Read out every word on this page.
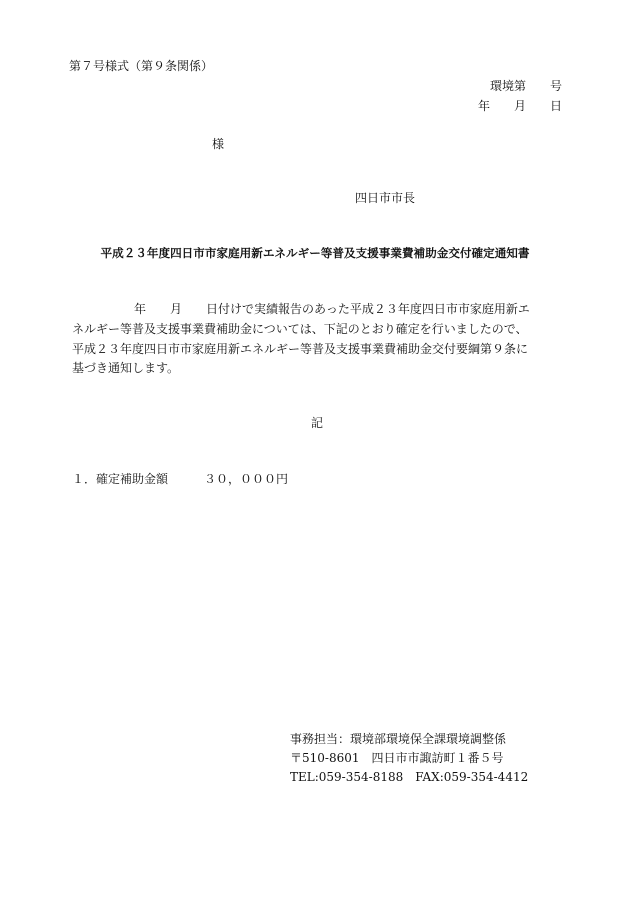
第７号様式（第９条関係）
環境第　　号
年　　月　　日
様
四日市市長
平成２３年度四日市市家庭用新エネルギー等普及支援事業費補助金交付確定通知書
年　　月　　日付けで実績報告のあった平成２３年度四日市市家庭用新エ
ネルギー等普及支援事業費補助金については、下記のとおり確定を行いましたので、
平成２３年度四日市市家庭用新エネルギー等普及支援事業費補助金交付要綱第９条に
基づき通知します。
記
１．確定補助金額	３０，０００円
事務担当：環境部環境保全課環境調整係
〒510-8601　四日市市諏訪町１番５号
TEL:059-354-8188　FAX:059-354-4412
